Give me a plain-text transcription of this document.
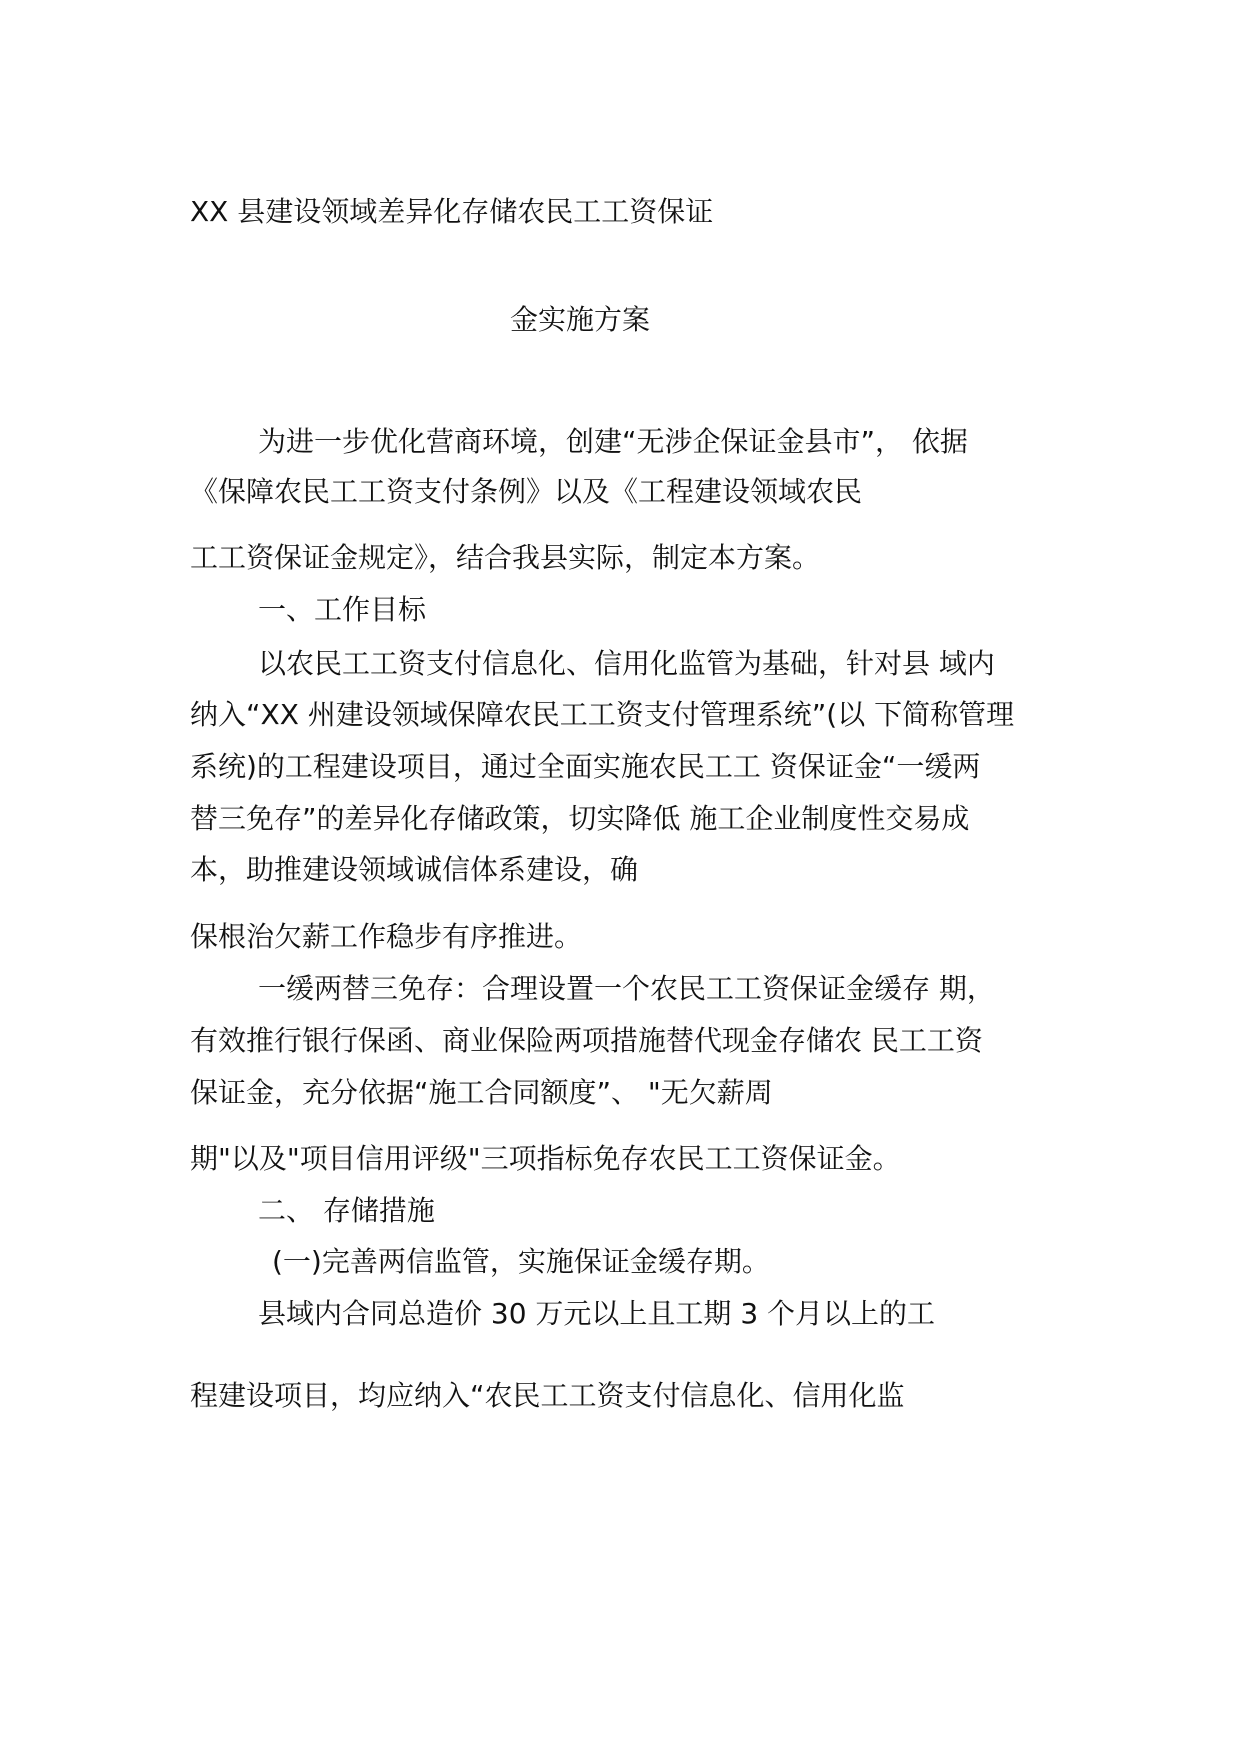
XX 县建设领域差异化存储农民工工资保证
金实施方案
为进一步优化营商环境，创建“无涉企保证金县市”， 依据
《保障农民工工资支付条例》以及《工程建设领域农民
工工资保证金规定》，结合我县实际，制定本方案。
一、工作目标
以农民工工资支付信息化、信用化监管为基础，针对县 域内
纳入“XX 州建设领域保障农民工工资支付管理系统”(以 下简称管理
系统)的工程建设项目，通过全面实施农民工工 资保证金“一缓两
替三免存”的差异化存储政策，切实降低 施工企业制度性交易成
本，助推建设领域诚信体系建设，确
保根治欠薪工作稳步有序推进。
一缓两替三免存：合理设置一个农民工工资保证金缓存 期，
有效推行银行保函、商业保险两项措施替代现金存储农 民工工资
保证金，充分依据“施工合同额度”、 "无欠薪周
期"以及"项目信用评级"三项指标免存农民工工资保证金。
二、 存储措施
(一)完善两信监管，实施保证金缓存期。
县域内合同总造价 30 万元以上且工期 3 个月以上的工
程建设项目，均应纳入“农民工工资支付信息化、信用化监
